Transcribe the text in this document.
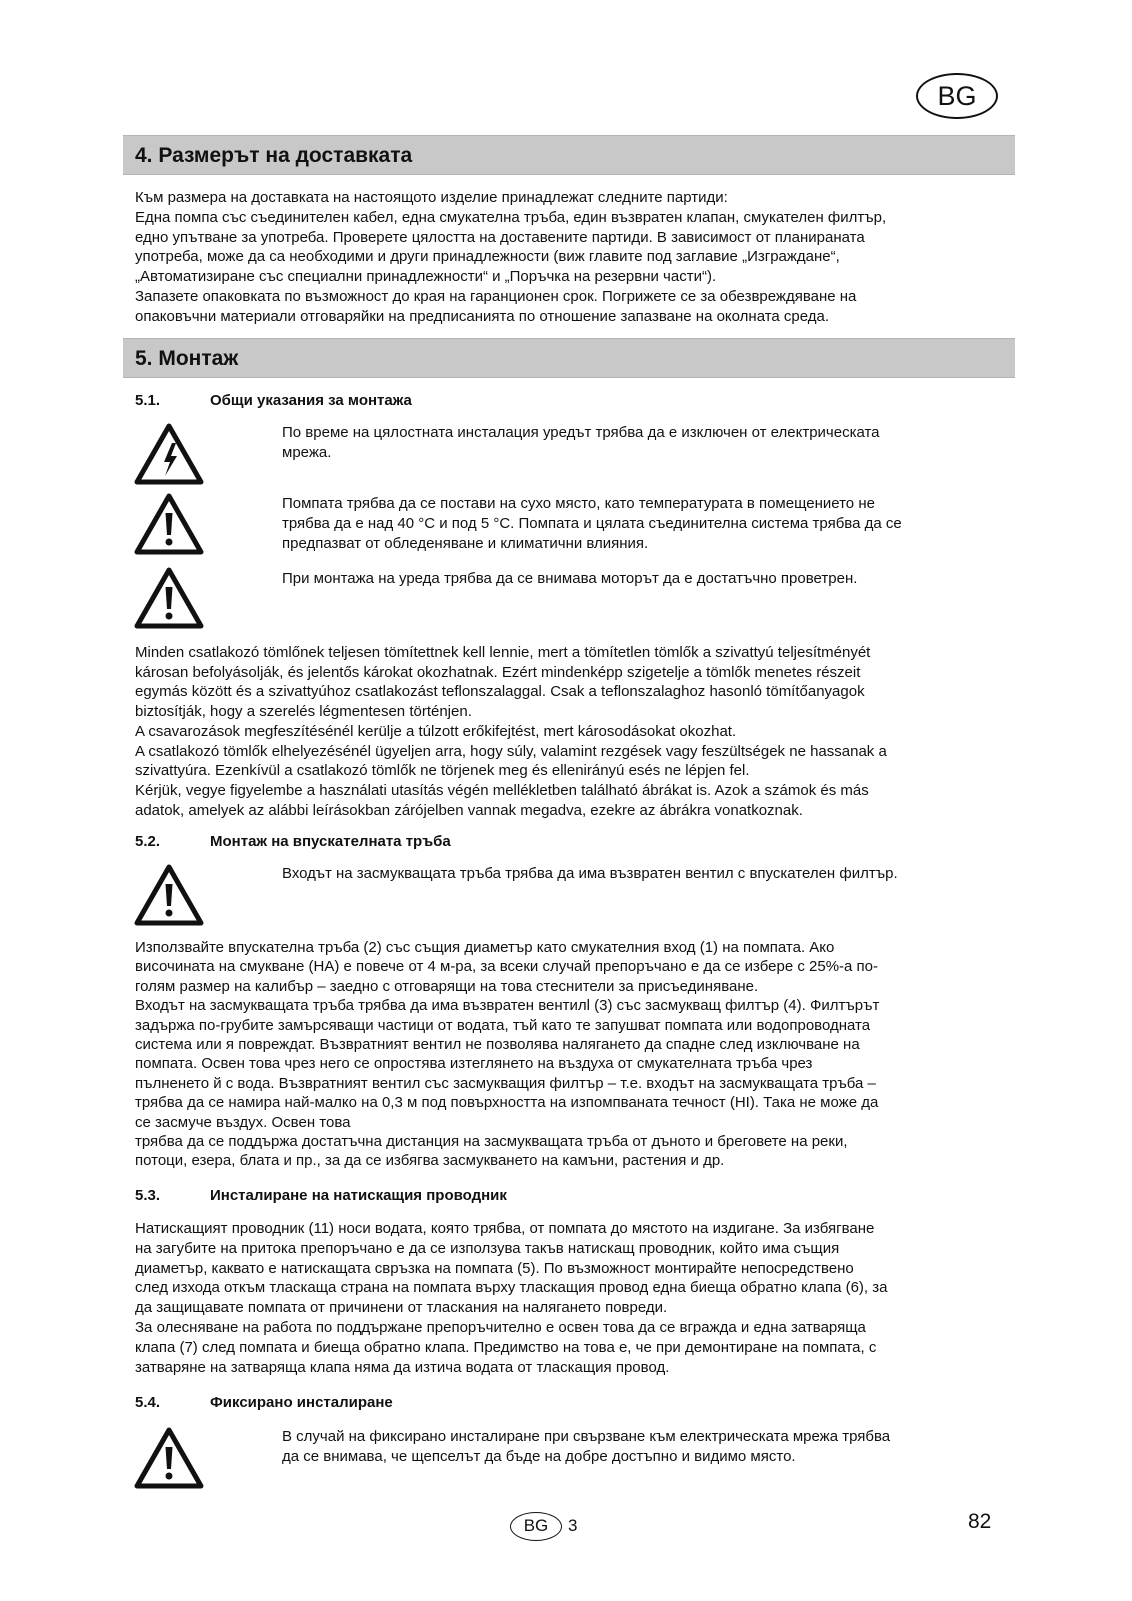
BG
4. Размерът на доставката
Към размера на доставката на настоящото изделие принадлежат следните партиди:
Една помпа със съединителен кабел, една смукателна тръба, един възвратен клапан, смукателен филтър,
едно упътване за употреба. Проверете цялостта на доставените партиди. В зависимост от планираната
употреба, може да са необходими и други принадлежности (виж главите под заглавие „Изграждане“,
„Автоматизиране със специални принадлежности“ и „Поръчка на резервни части“).
Запазете опаковката по възможност до края на гаранционен срок. Погрижете се за обезвреждяване на
опаковъчни материали отговаряйки на предписанията по отношение запазване на околната среда.
5. Монтаж
5.1.	Общи указания за монтажа
По време на цялостната инсталация уредът трябва да е изключен от електрическата
мрежа.
Помпата трябва да се постави на сухо място, като температурата в помещението не
трябва да е над 40 °C и под 5 °C. Помпата и цялата съединителна система трябва да се
предпазват от обледеняване и климатични влияния.
При монтажа на уреда трябва да се внимава моторът да е достатъчно проветрен.
Minden csatlakozó tömlőnek teljesen tömítettnek kell lennie, mert a tömítetlen tömlők a szivattyú teljesítményét
károsan befolyásolják, és jelentős károkat okozhatnak. Ezért mindenképp szigetelje a tömlők menetes részeit
egymás között és a szivattyúhoz csatlakozást teflonszalaggal. Csak a teflonszalaghoz hasonló tömítőanyagok
biztosítják, hogy a szerelés légmentesen történjen.
A csavarozások megfeszítésénél kerülje a túlzott erőkifejtést, mert károsodásokat okozhat.
A csatlakozó tömlők elhelyezésénél ügyeljen arra, hogy súly, valamint rezgések vagy feszültségek ne hassanak a
szivattyúra. Ezenkívül a csatlakozó tömlők ne törjenek meg és ellenirányú esés ne lépjen fel.
Kérjük, vegye figyelembe a használati utasítás végén mellékletben található ábrákat is. Azok a számok és más
adatok, amelyek az alábbi leírásokban zárójelben vannak megadva, ezekre az ábrákra vonatkoznak.
5.2.	Монтаж на впускателната тръба
Входът на засмукващата тръба трябва да има възвратен вентил с впускателен филтър.
Използвайте впускателна тръба (2) със същия диаметър като смукателния вход (1) на помпата. Ако
височината на смукване (НА) е повече от 4 м-ра, за всеки случай препоръчано е да се избере с 25%-а по-
голям размер на калибър – заедно с отговарящи на това стеснители за присъединяване.
Входът на засмукващата тръба трябва да има възвратен вентилl (3) със засмукващ филтър (4). Филтърът
задържа по-грубите замърсяващи частици от водата, тъй като те запушват помпата или водопроводната
система или я повреждат. Възвратният вентил не позволява налягането да спадне след изключване на
помпата. Освен това чрез него се опростява изтеглянето на въздуха от смукателната тръба чрез
пълненето й с вода. Възвратният вентил със засмукващия филтър – т.е. входът на засмукващата тръба –
трябва да се намира най-малко на 0,3 м под повърхността на изпомпваната течност (HI). Така не може да
се засмуче въздух. Освен това
трябва да се поддържа достатъчна дистанция на засмукващата тръба от дъното и бреговете на реки,
потоци, езера, блата и пр., за да се избягва засмукването на камъни, растения и др.
5.3.	Инсталиране на натискащия проводник
Натискащият проводник (11) носи водата, която трябва, от помпата до мястото на издигане. За избягване
на загубите на притока препоръчано е да се използува такъв натискащ проводник, който има същия
диаметър, каквато е натискащата свръзка на помпата (5). По възможност монтирайте непосредствено
след изхода откъм тласкаща страна на помпата върху тласкащия провод една биеща обратно клапа (6), за
да защищавате помпата от причинени от тласкания на налягането повреди.
За олесняване на работа по поддържане препоръчително е освен това да се вгражда и една затваряща
клапа (7) след помпата и биеща обратно клапа. Предимство на това е, че при демонтиране на помпата, с
затваряне на затваряща клапа няма да изтича водата от тласкащия провод.
5.4.	Фиксирано инсталиране
В случай на фиксирано инсталиране при свързване към електрическата мрежа трябва
да се внимава, че щепселът да бъде на добре достъпно и видимо място.
82
BG	3
